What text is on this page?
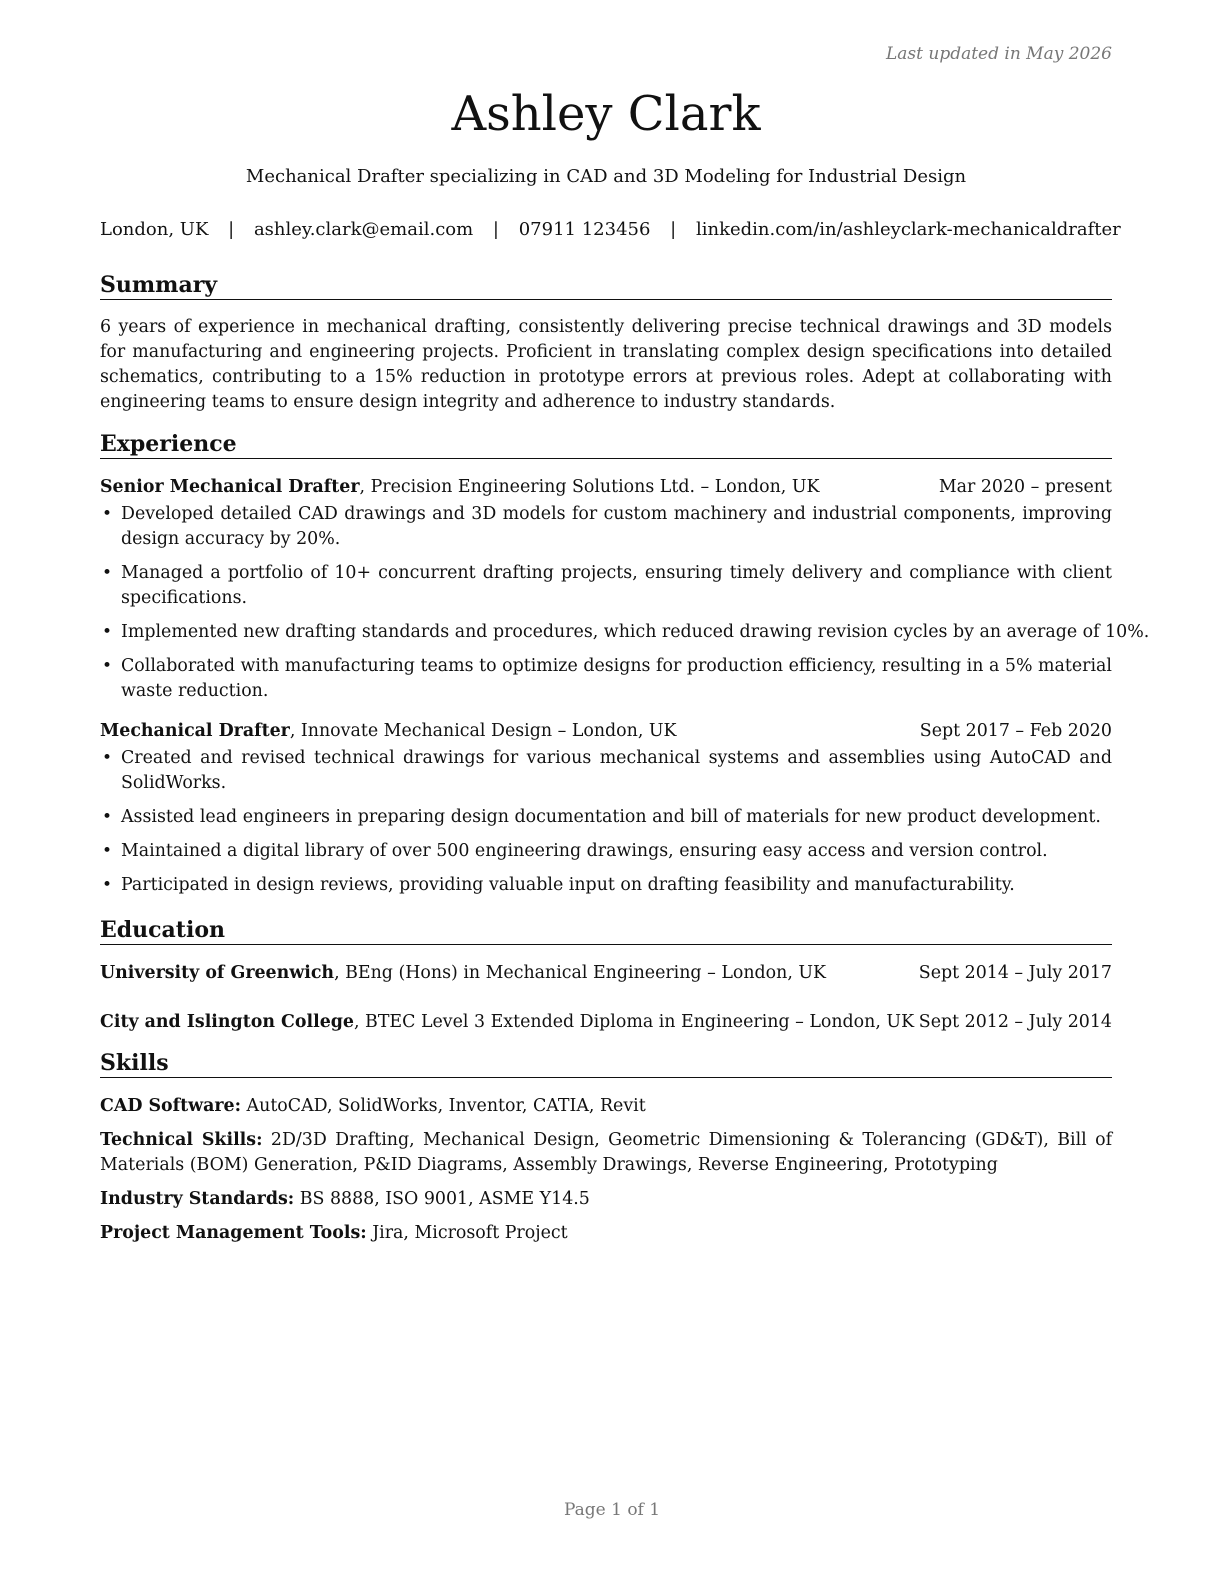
Last updated in May 2026
Ashley Clark
Mechanical Drafter specializing in CAD and 3D Modeling for Industrial Design
London, UK | ashley.clark@email.com | 07911 123456 | linkedin.com/in/ashleyclark-mechanicaldrafter
Summary

6 years of experience in mechanical drafting, consistently delivering precise technical drawings and 3D models for manufacturing and engineering projects. Proficient in translating complex design specifications into detailed schematics, contributing to a 15% reduction in prototype errors at previous roles. Adept at collaborating with engineering teams to ensure design integrity and adherence to industry standards.

Experience
Senior Mechanical Drafter, Precision Engineering Solutions Ltd. – London, UK	Mar 2020 – present
• Developed detailed CAD drawings and 3D models for custom machinery and industrial components, improving design accuracy by 20%.
• Managed a portfolio of 10+ concurrent drafting projects, ensuring timely delivery and compliance with client specifications.
• Implemented new drafting standards and procedures, which reduced drawing revision cycles by an average of 10%.
• Collaborated with manufacturing teams to optimize designs for production efficiency, resulting in a 5% material waste reduction.
Mechanical Drafter, Innovate Mechanical Design – London, UK	Sept 2017 – Feb 2020
• Created and revised technical drawings for various mechanical systems and assemblies using AutoCAD and SolidWorks.
• Assisted lead engineers in preparing design documentation and bill of materials for new product development.
• Maintained a digital library of over 500 engineering drawings, ensuring easy access and version control.
• Participated in design reviews, providing valuable input on drafting feasibility and manufacturability.
Education
University of Greenwich, BEng (Hons) in Mechanical Engineering – London, UK	Sept 2014 – July 2017
City and Islington College, BTEC Level 3 Extended Diploma in Engineering – London, UK Sept 2012 – July 2014
Skills

CAD Software: AutoCAD, SolidWorks, Inventor, CATIA, Revit

Technical Skills: 2D/3D Drafting, Mechanical Design, Geometric Dimensioning & Tolerancing (GD&T), Bill of Materials (BOM) Generation, P&ID Diagrams, Assembly Drawings, Reverse Engineering, Prototyping

Industry Standards: BS 8888, ISO 9001, ASME Y14.5

Project Management Tools: Jira, Microsoft Project

Page 1 of 1
